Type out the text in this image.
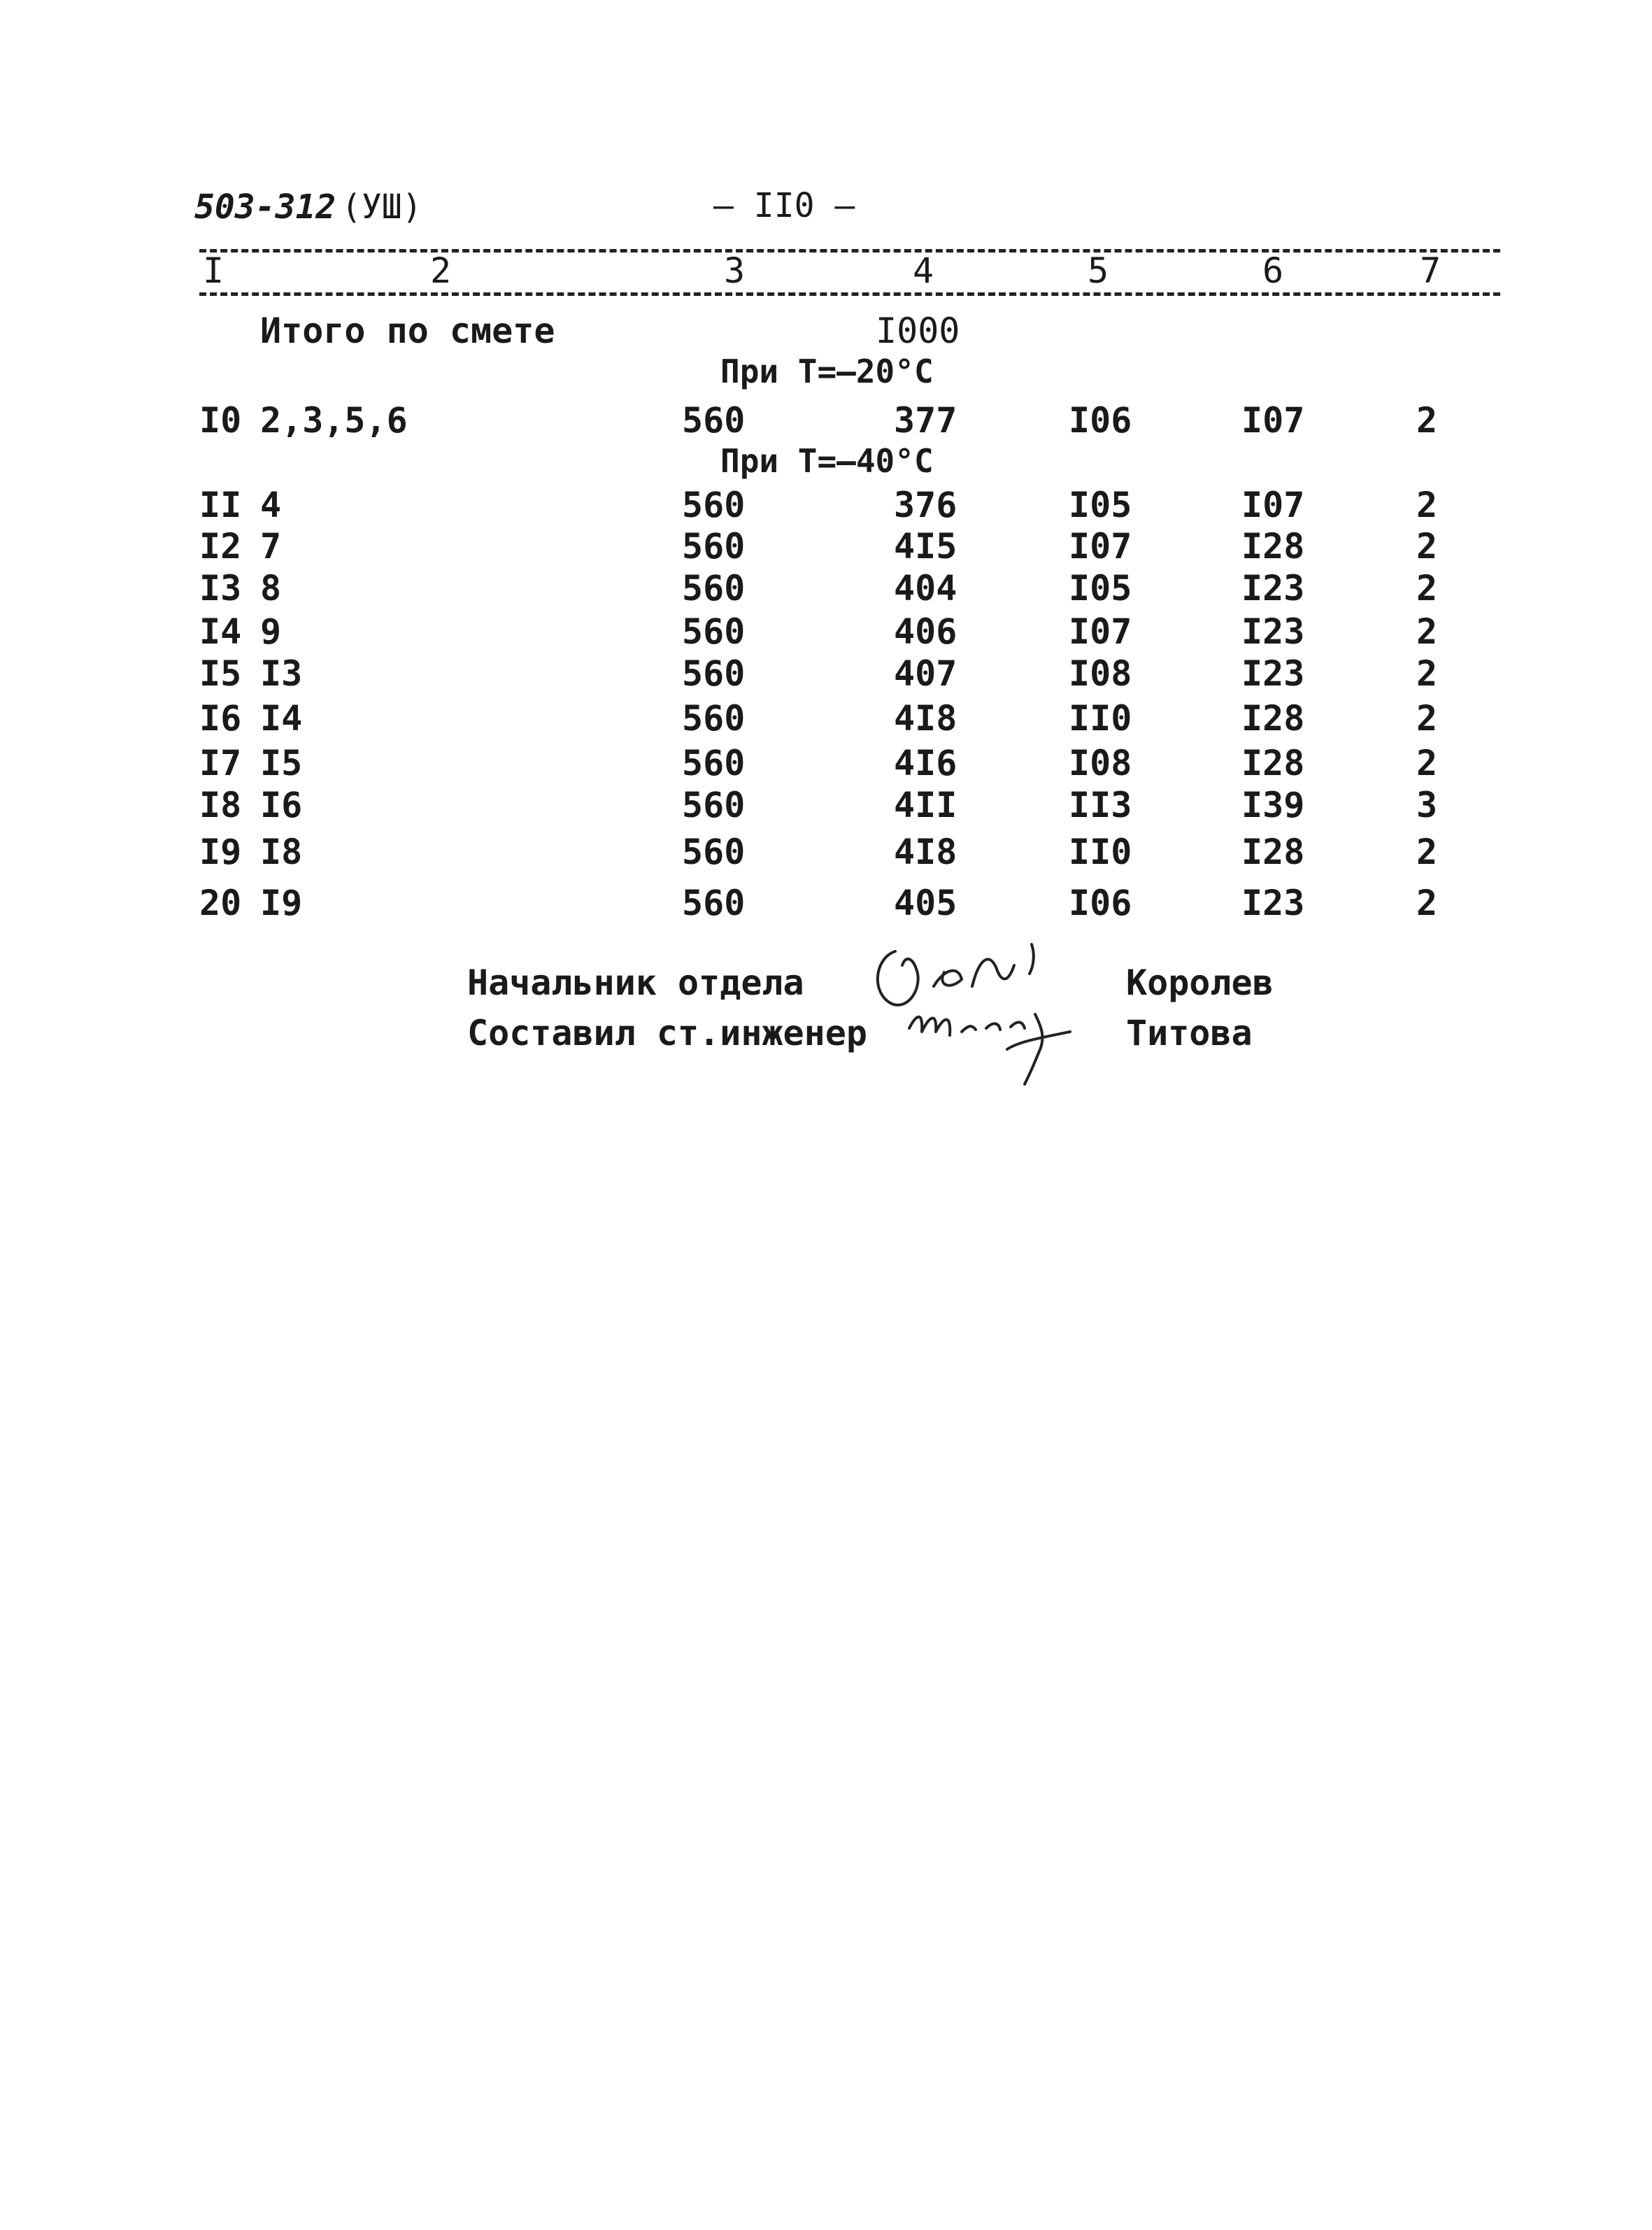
503-312 (УШ)	– II0 –
I	2	3	4	5	6	7
Итого по смете	I000
При Т=–20°С
I0 2,3,5,6	560	377	I06	I07	2
При Т=–40°С
II 4	560	376	I05	I07	2
I2 7	560	4I5	I07	I28	2
I3 8	560	404	I05	I23	2
I4 9	560	406	I07	I23	2
I5 I3	560	407	I08	I23	2
I6 I4	560	4I8	II0	I28	2
I7 I5	560	4I6	I08	I28	2
I8 I6	560	4II	II3	I39	3
I9 I8	560	4I8	II0	I28	2
20 I9	560	405	I06	I23	2
Начальник отдела	Королев
Составил ст.инженер	Титова
